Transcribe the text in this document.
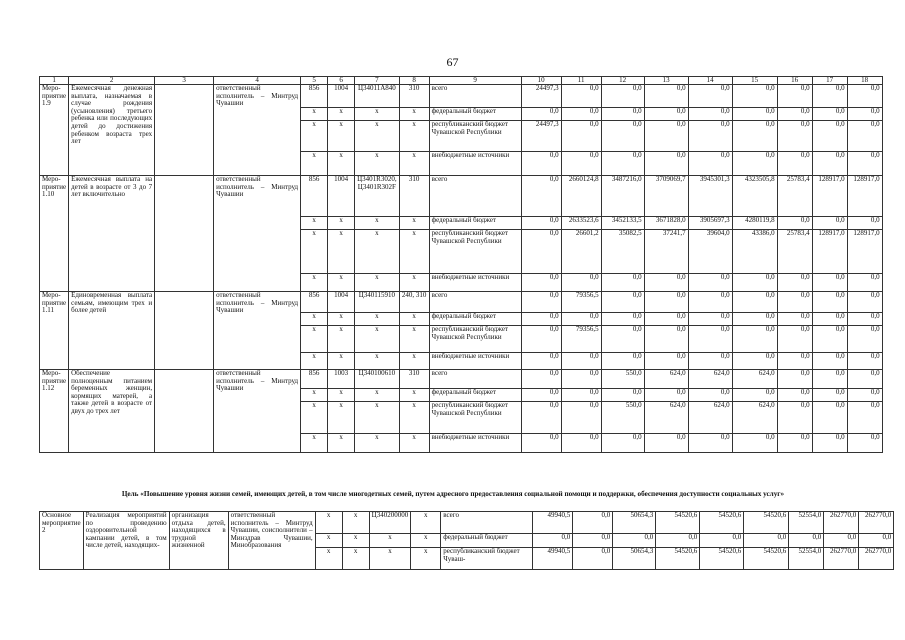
67
1	2	3	4	5	6	7	8	9	10	11	12	13	14	15	16	17	18
Меро-приятие 1.9	Ежемесячная денежная выплата, назначаемая в случае рождения (усыновления) третьего ребенка или последующих детей до достижения ребенком возраста трех лет		ответственный исполнитель – Минтруд Чувашии	856	1004	Ц34011А840	310	всего	24497,3	0,0	0,0	0,0	0,0	0,0	0,0	0,0	0,0
				x	x	x	x	федеральный бюджет	0,0	0,0	0,0	0,0	0,0	0,0	0,0	0,0	0,0
				x	x	x	x	республиканский бюджет Чувашской Республики	24497,3	0,0	0,0	0,0	0,0	0,0	0,0	0,0	0,0
				x	x	x	x	внебюджетные источники	0,0	0,0	0,0	0,0	0,0	0,0	0,0	0,0	0,0
Меро-приятие 1.10	Ежемесячная выплата на детей в возрасте от 3 до 7 лет включительно		ответственный исполнитель – Минтруд Чувашии	856	1004	Ц3401R3020, Ц3401R302F	310	всего	0,0	2660124,8	3487216,0	3709069,7	3945301,3	4323505,8	25783,4	128917,0	128917,0
				x	x	x	x	федеральный бюджет	0,0	2633523,6	3452133,5	3671828,0	3905697,3	4280119,8	0,0	0,0	0,0
				x	x	x	x	республиканский бюджет Чувашской Республики	0,0	26601,2	35082,5	37241,7	39604,0	43386,0	25783,4	128917,0	128917,0
				x	x	x	x	внебюджетные источники	0,0	0,0	0,0	0,0	0,0	0,0	0,0	0,0	0,0
Меро-приятие 1.11	Единовременная выплата семьям, имеющим трех и более детей		ответственный исполнитель – Минтруд Чувашии	856	1004	Ц340115910	240, 310	всего	0,0	79356,5	0,0	0,0	0,0	0,0	0,0	0,0	0,0
				x	x	x	x	федеральный бюджет	0,0	0,0	0,0	0,0	0,0	0,0	0,0	0,0	0,0
				x	x	x	x	республиканский бюджет Чувашской Республики	0,0	79356,5	0,0	0,0	0,0	0,0	0,0	0,0	0,0
				x	x	x	x	внебюджетные источники	0,0	0,0	0,0	0,0	0,0	0,0	0,0	0,0	0,0
Меро-приятие 1.12	Обеспечение полноценным питанием беременных женщин, кормящих матерей, а также детей в возрасте от двух до трех лет		ответственный исполнитель – Минтруд Чувашии	856	1003	Ц340100610	310	всего	0,0	0,0	550,0	624,0	624,0	624,0	0,0	0,0	0,0
				x	x	x	x	федеральный бюджет	0,0	0,0	0,0	0,0	0,0	0,0	0,0	0,0	0,0
				x	x	x	x	республиканский бюджет Чувашской Республики	0,0	0,0	550,0	624,0	624,0	624,0	0,0	0,0	0,0
				x	x	x	x	внебюджетные источники	0,0	0,0	0,0	0,0	0,0	0,0	0,0	0,0	0,0
Цель «Повышение уровня жизни семей, имеющих детей, в том числе многодетных семей, путем адресного предоставления социальной помощи и поддержки, обеспечения доступности социальных услуг»
Основное мероприятие 2	Реализация мероприятий по проведению оздоровительной кампании детей, в том числе детей, находящих-	организация отдыха детей, находящихся в трудной жизненной	ответственный исполнитель – Минтруд Чувашии, соисполнители – Минздрав Чувашии, Минобразования	x	x	Ц340200000	x	всего	49940,5	0,0	50654,3	54520,6	54520,6	54520,6	52554,0	262770,0	262770,0
				x	x	x	x	федеральный бюджет	0,0	0,0	0,0	0,0	0,0	0,0	0,0	0,0	0,0
				x	x	x	x	республиканский бюджет Чуваш-	49940,5	0,0	50654,3	54520,6	54520,6	54520,6	52554,0	262770,0	262770,0
